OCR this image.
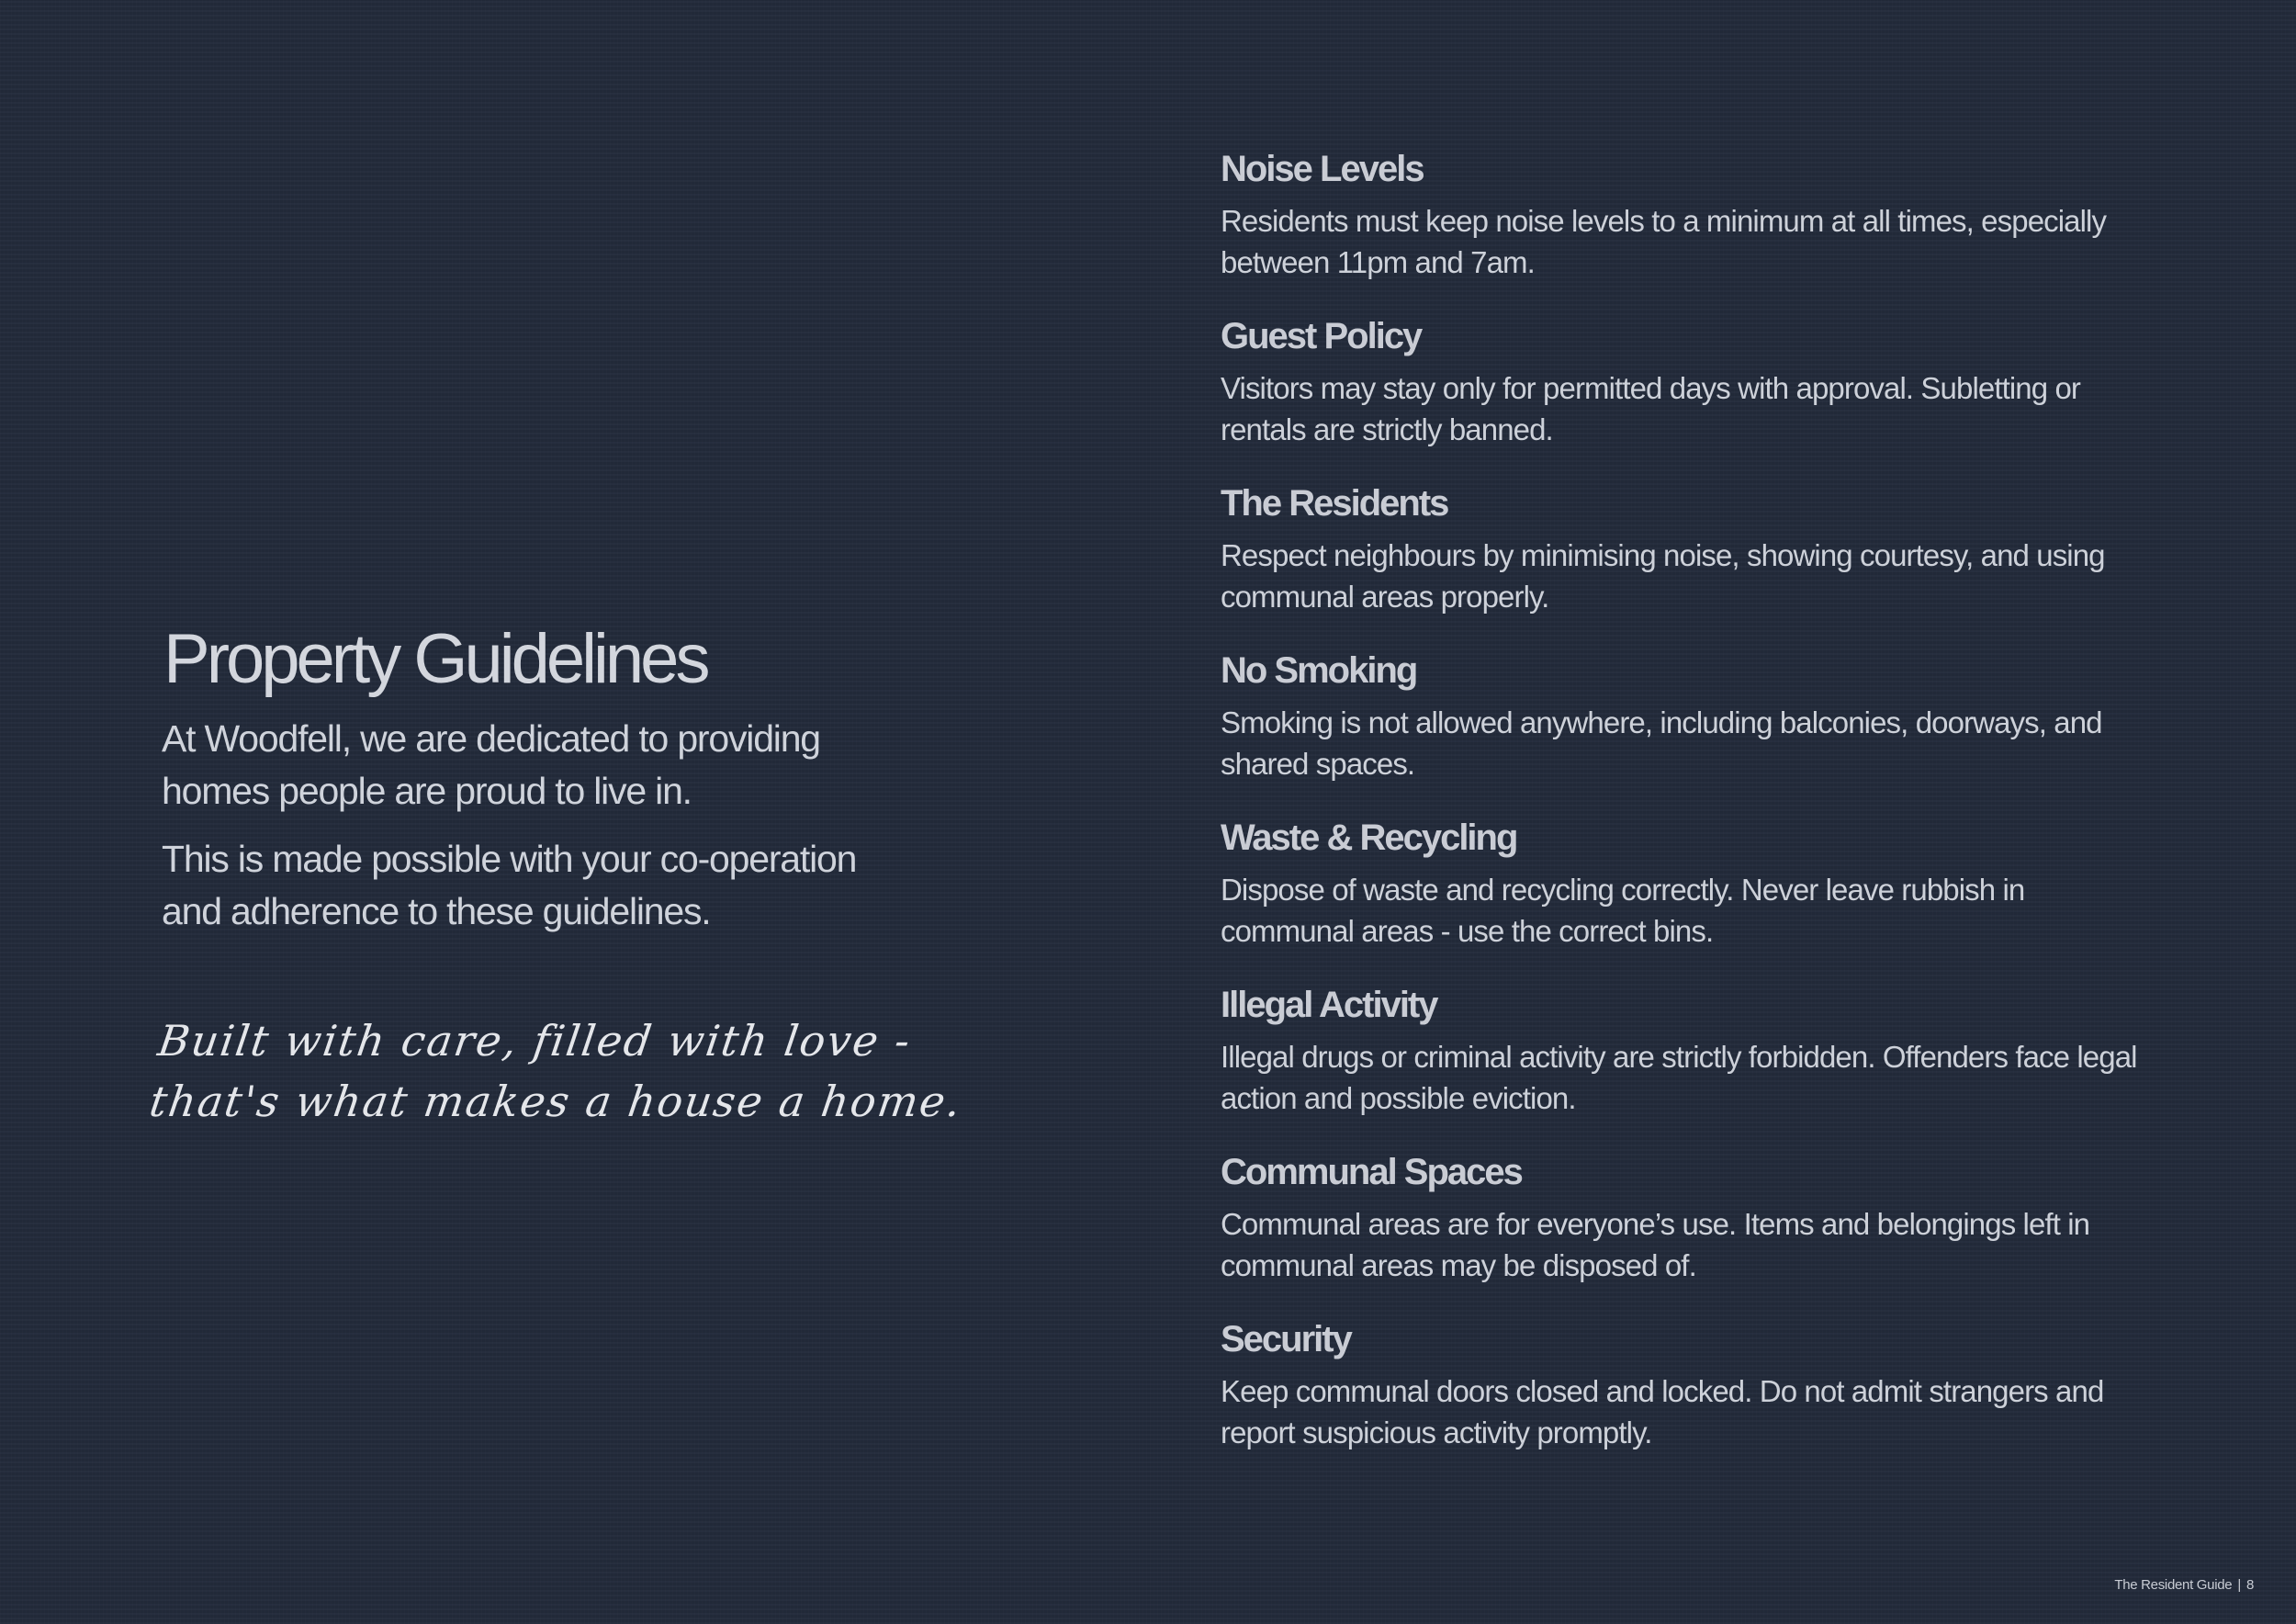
Property Guidelines

At Woodfell, we are dedicated to providing homes people are proud to live in.

This is made possible with your co-operation and adherence to these guidelines.

Built with care, filled with love -
that's what makes a house a home.
Noise Levels

Residents must keep noise levels to a minimum at all times, especially between 11pm and 7am.

Guest Policy

Visitors may stay only for permitted days with approval. Subletting or rentals are strictly banned.

The Residents

Respect neighbours by minimising noise, showing courtesy, and using communal areas properly.

No Smoking

Smoking is not allowed anywhere, including balconies, doorways, and shared spaces.

Waste & Recycling

Dispose of waste and recycling correctly. Never leave rubbish in communal areas - use the correct bins.

Illegal Activity

Illegal drugs or criminal activity are strictly forbidden. Offenders face legal action and possible eviction.

Communal Spaces

Communal areas are for everyone’s use. Items and belongings left in communal areas may be disposed of.

Security

Keep communal doors closed and locked. Do not admit strangers and report suspicious activity promptly.

The Resident Guide | 8
